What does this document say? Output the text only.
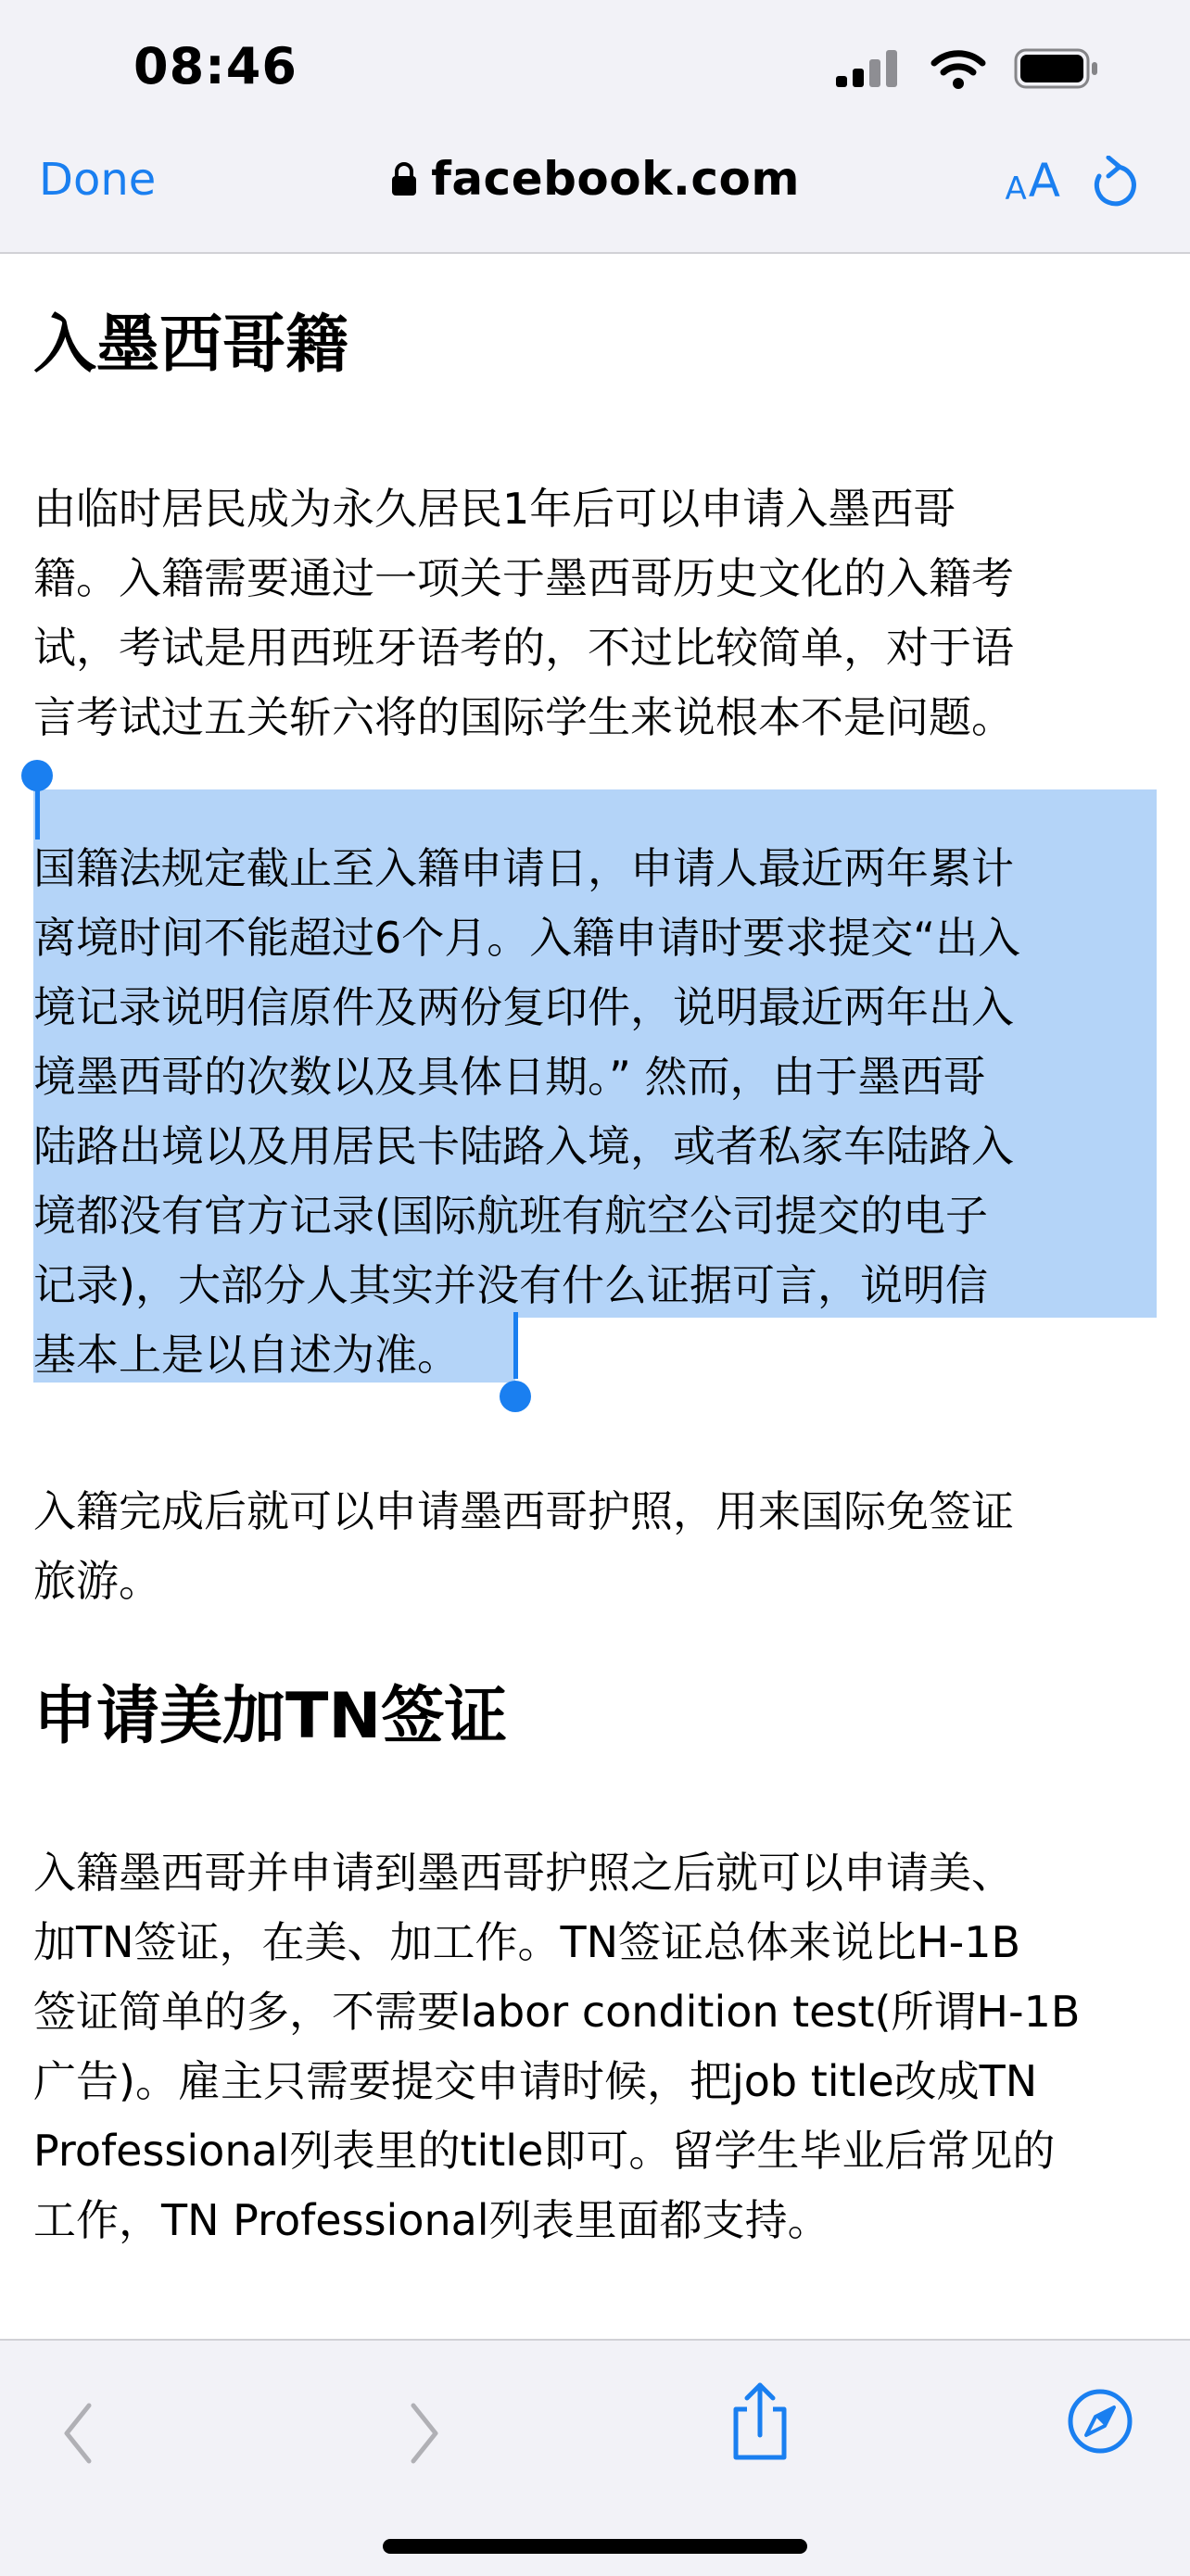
08:46
Done	facebook.com	A A
入墨西哥籍
由临时居民成为永久居民1年后可以申请入墨西哥
籍。入籍需要通过一项关于墨西哥历史文化的入籍考
试，考试是用西班牙语考的，不过比较简单，对于语
言考试过五关斩六将的国际学生来说根本不是问题。
国籍法规定截止至入籍申请日，申请人最近两年累计
离境时间不能超过6个月。入籍申请时要求提交“出入
境记录说明信原件及两份复印件，说明最近两年出入
境墨西哥的次数以及具体日期。” 然而，由于墨西哥
陆路出境以及用居民卡陆路入境，或者私家车陆路入
境都没有官方记录(国际航班有航空公司提交的电子
记录)，大部分人其实并没有什么证据可言，说明信
基本上是以自述为准。
入籍完成后就可以申请墨西哥护照，用来国际免签证
旅游。
申请美加TN签证
入籍墨西哥并申请到墨西哥护照之后就可以申请美、
加TN签证，在美、加工作。TN签证总体来说比H-1B
签证简单的多，不需要labor condition test(所谓H-1B
广告)。雇主只需要提交申请时候，把job title改成TN
Professional列表里的title即可。留学生毕业后常见的
工作，TN Professional列表里面都支持。
